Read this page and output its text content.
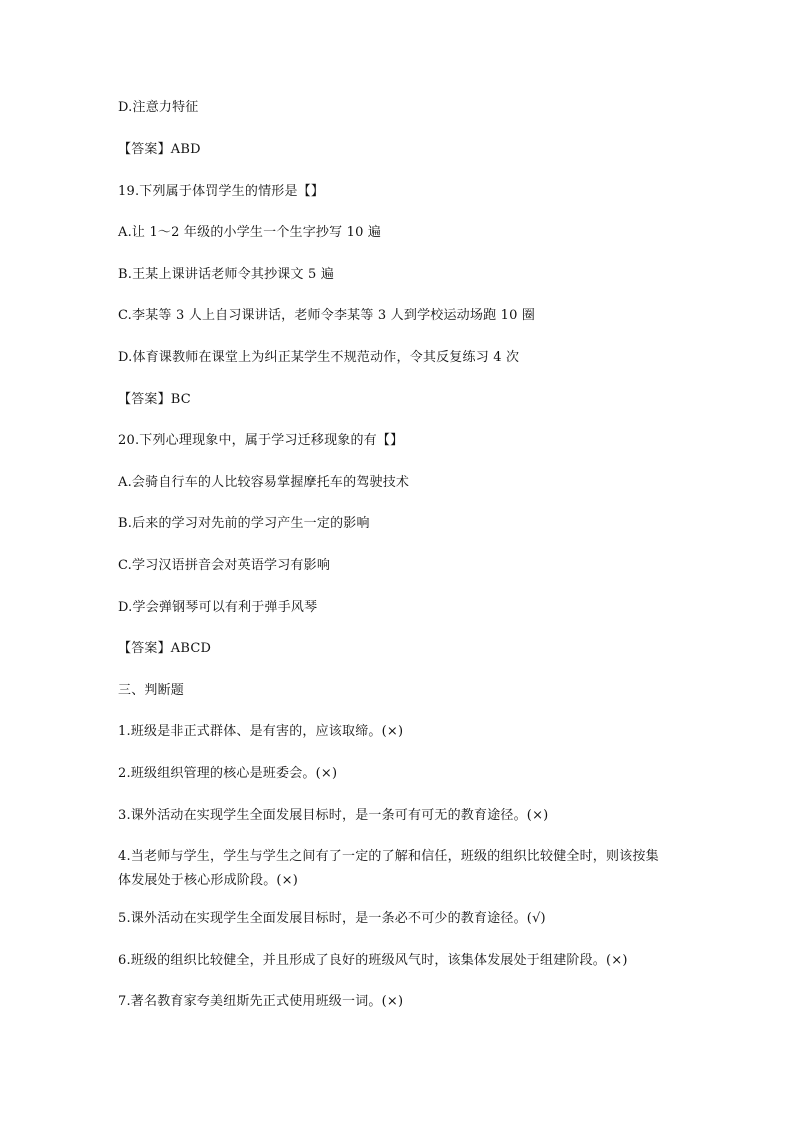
D.注意力特征
【答案】ABD
19.下列属于体罚学生的情形是【】
A.让 1～2 年级的小学生一个生字抄写 10 遍
B.王某上课讲话老师令其抄课文 5 遍
C.李某等 3 人上自习课讲话，老师令李某等 3 人到学校运动场跑 10 圈
D.体育课教师在课堂上为纠正某学生不规范动作，令其反复练习 4 次
【答案】BC
20.下列心理现象中，属于学习迁移现象的有【】
A.会骑自行车的人比较容易掌握摩托车的驾驶技术
B.后来的学习对先前的学习产生一定的影响
C.学习汉语拼音会对英语学习有影响
D.学会弹钢琴可以有利于弹手风琴
【答案】ABCD
三、判断题
1.班级是非正式群体、是有害的，应该取缔。(×)
2.班级组织管理的核心是班委会。(×)
3.课外活动在实现学生全面发展目标时，是一条可有可无的教育途径。(×)
4.当老师与学生，学生与学生之间有了一定的了解和信任，班级的组织比较健全时，则该按集体发展处于核心形成阶段。(×)
5.课外活动在实现学生全面发展目标时，是一条必不可少的教育途径。(√)
6.班级的组织比较健全，并且形成了良好的班级风气时，该集体发展处于组建阶段。(×)
7.著名教育家夸美纽斯先正式使用班级一词。(×)
